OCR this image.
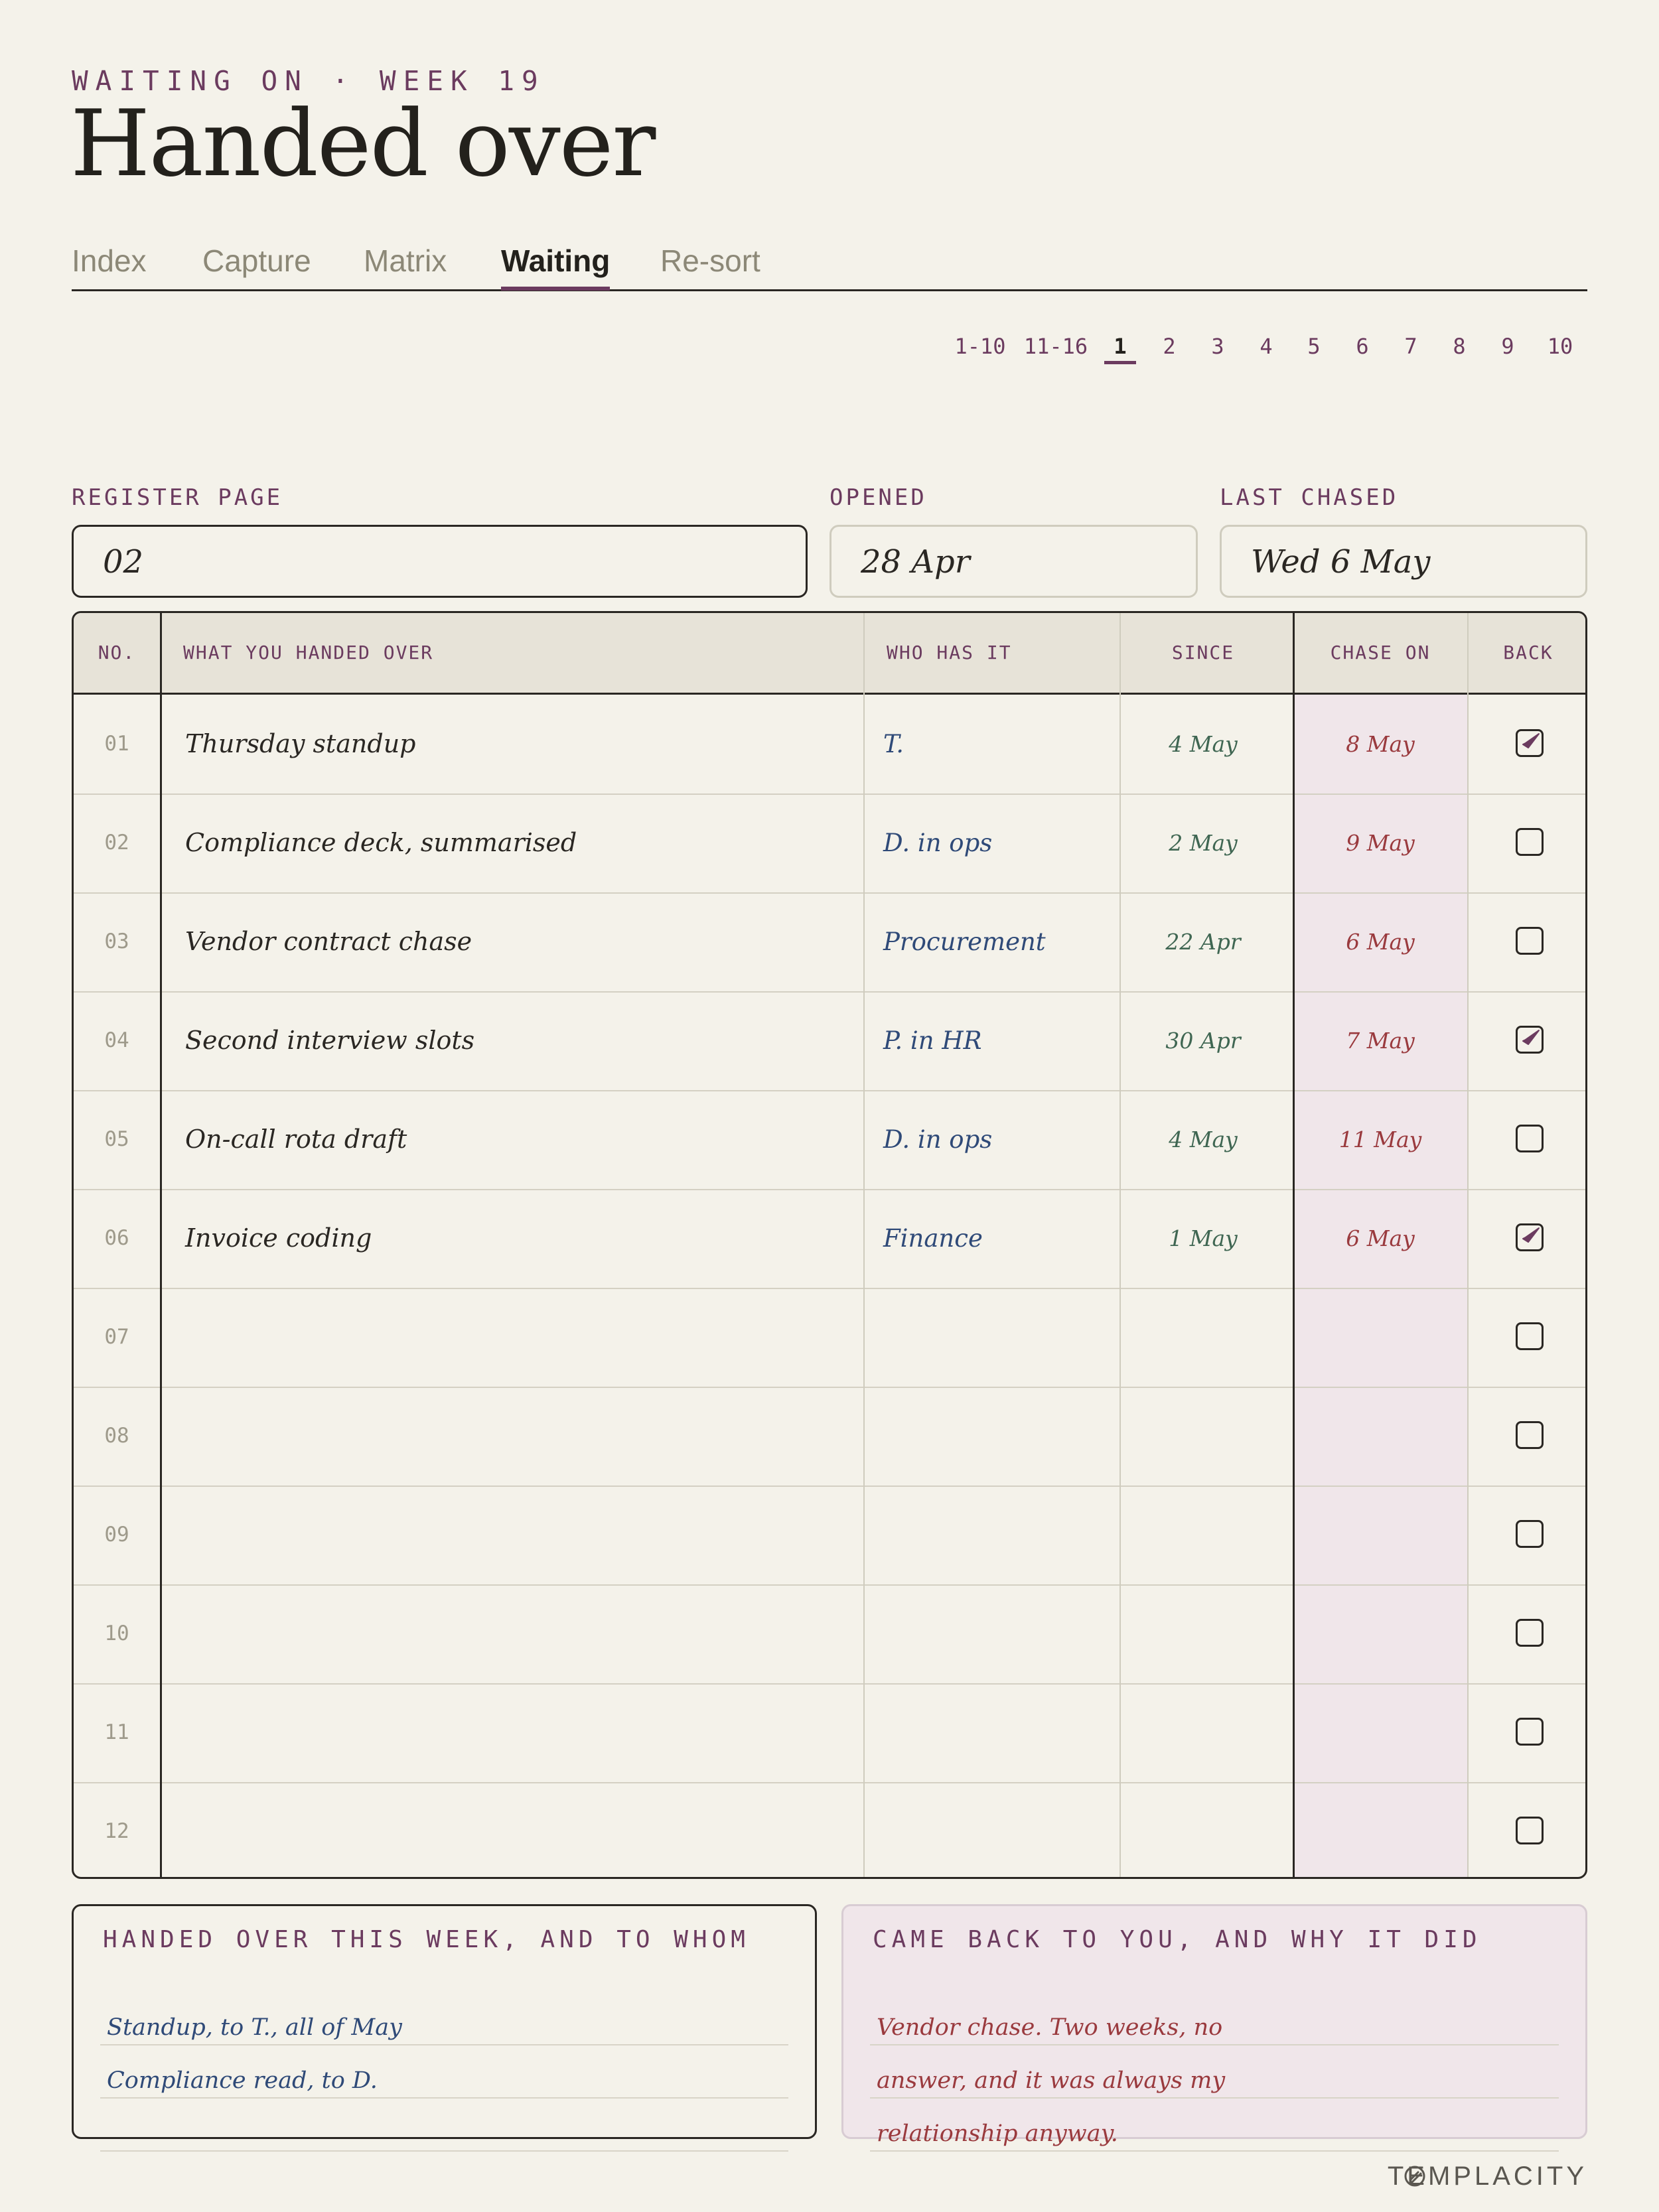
WAITING ON · WEEK 19
Handed over
Index Capture Matrix Waiting Re-sort
1-10 11-16	1	2	3	4	5	6	7	8	9	10
REGISTER PAGE
02
OPENED
28 Apr
LAST CHASED
Wed 6 May
NO.	WHAT YOU HANDED OVER	WHO HAS IT	SINCE	CHASE ON	BACK
01	Thursday standup	T.	4 May	8 May
02	Compliance deck, summarised	D. in ops	2 May	9 May
03	Vendor contract chase	Procurement	22 Apr	6 May
04	Second interview slots	P. in HR	30 Apr	7 May
05	On-call rota draft	D. in ops	4 May	11 May
06	Invoice coding	Finance	1 May	6 May
07
08
09
10
11
12
HANDED OVER THIS WEEK, AND TO WHOM
Standup, to T., all of May
Compliance read, to D.
CAME BACK TO YOU, AND WHY IT DID
Vendor chase. Two weeks, no
answer, and it was always my
relationship anyway.
TEMPLACITY
